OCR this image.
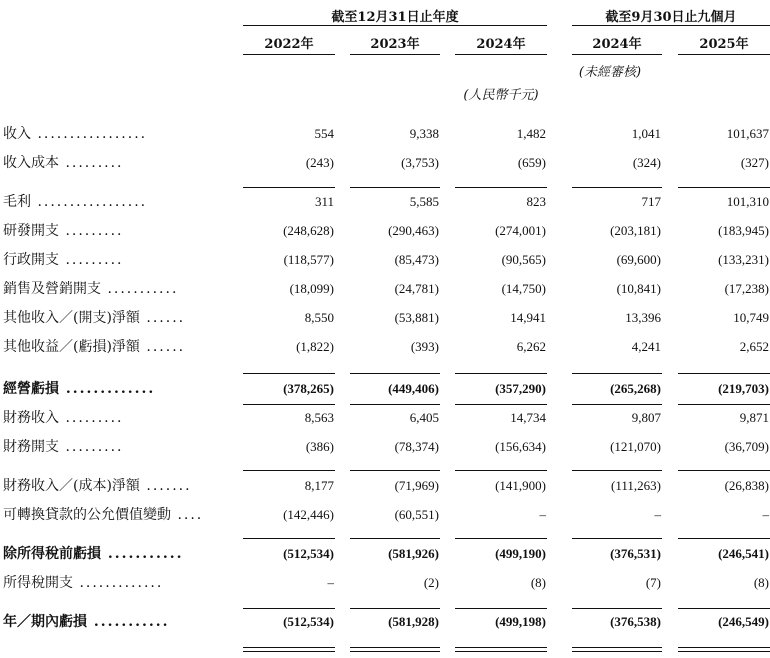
截至12月31日止年度	截至9月30日止九個月
2022年	2023年	2024年	2024年	2025年
(未經審核)
(人民幣千元)
收入 .................	554	9,338	1,482	1,041	101,637
收入成本 .........	(243)	(3,753)	(659)	(324)	(327)
毛利 .................	311	5,585	823	717	101,310
研發開支 .........	(248,628)	(290,463)	(274,001)	(203,181)	(183,945)
行政開支 .........	(118,577)	(85,473)	(90,565)	(69,600)	(133,231)
銷售及營銷開支 ...........	(18,099)	(24,781)	(14,750)	(10,841)	(17,238)
其他收入／(開支)淨額 ......	8,550	(53,881)	14,941	13,396	10,749
其他收益／(虧損)淨額 ......	(1,822)	(393)	6,262	4,241	2,652
經營虧損 .............	(378,265)	(449,406)	(357,290)	(265,268)	(219,703)
財務收入 .........	8,563	6,405	14,734	9,807	9,871
財務開支 .........	(386)	(78,374)	(156,634)	(121,070)	(36,709)
財務收入／(成本)淨額 .......	8,177	(71,969)	(141,900)	(111,263)	(26,838)
可轉換貸款的公允價值變動 ....	(142,446)	(60,551)	–	–	–
除所得稅前虧損 ...........	(512,534)	(581,926)	(499,190)	(376,531)	(246,541)
所得稅開支 .............	–	(2)	(8)	(7)	(8)
年／期內虧損 ...........	(512,534)	(581,928)	(499,198)	(376,538)	(246,549)
